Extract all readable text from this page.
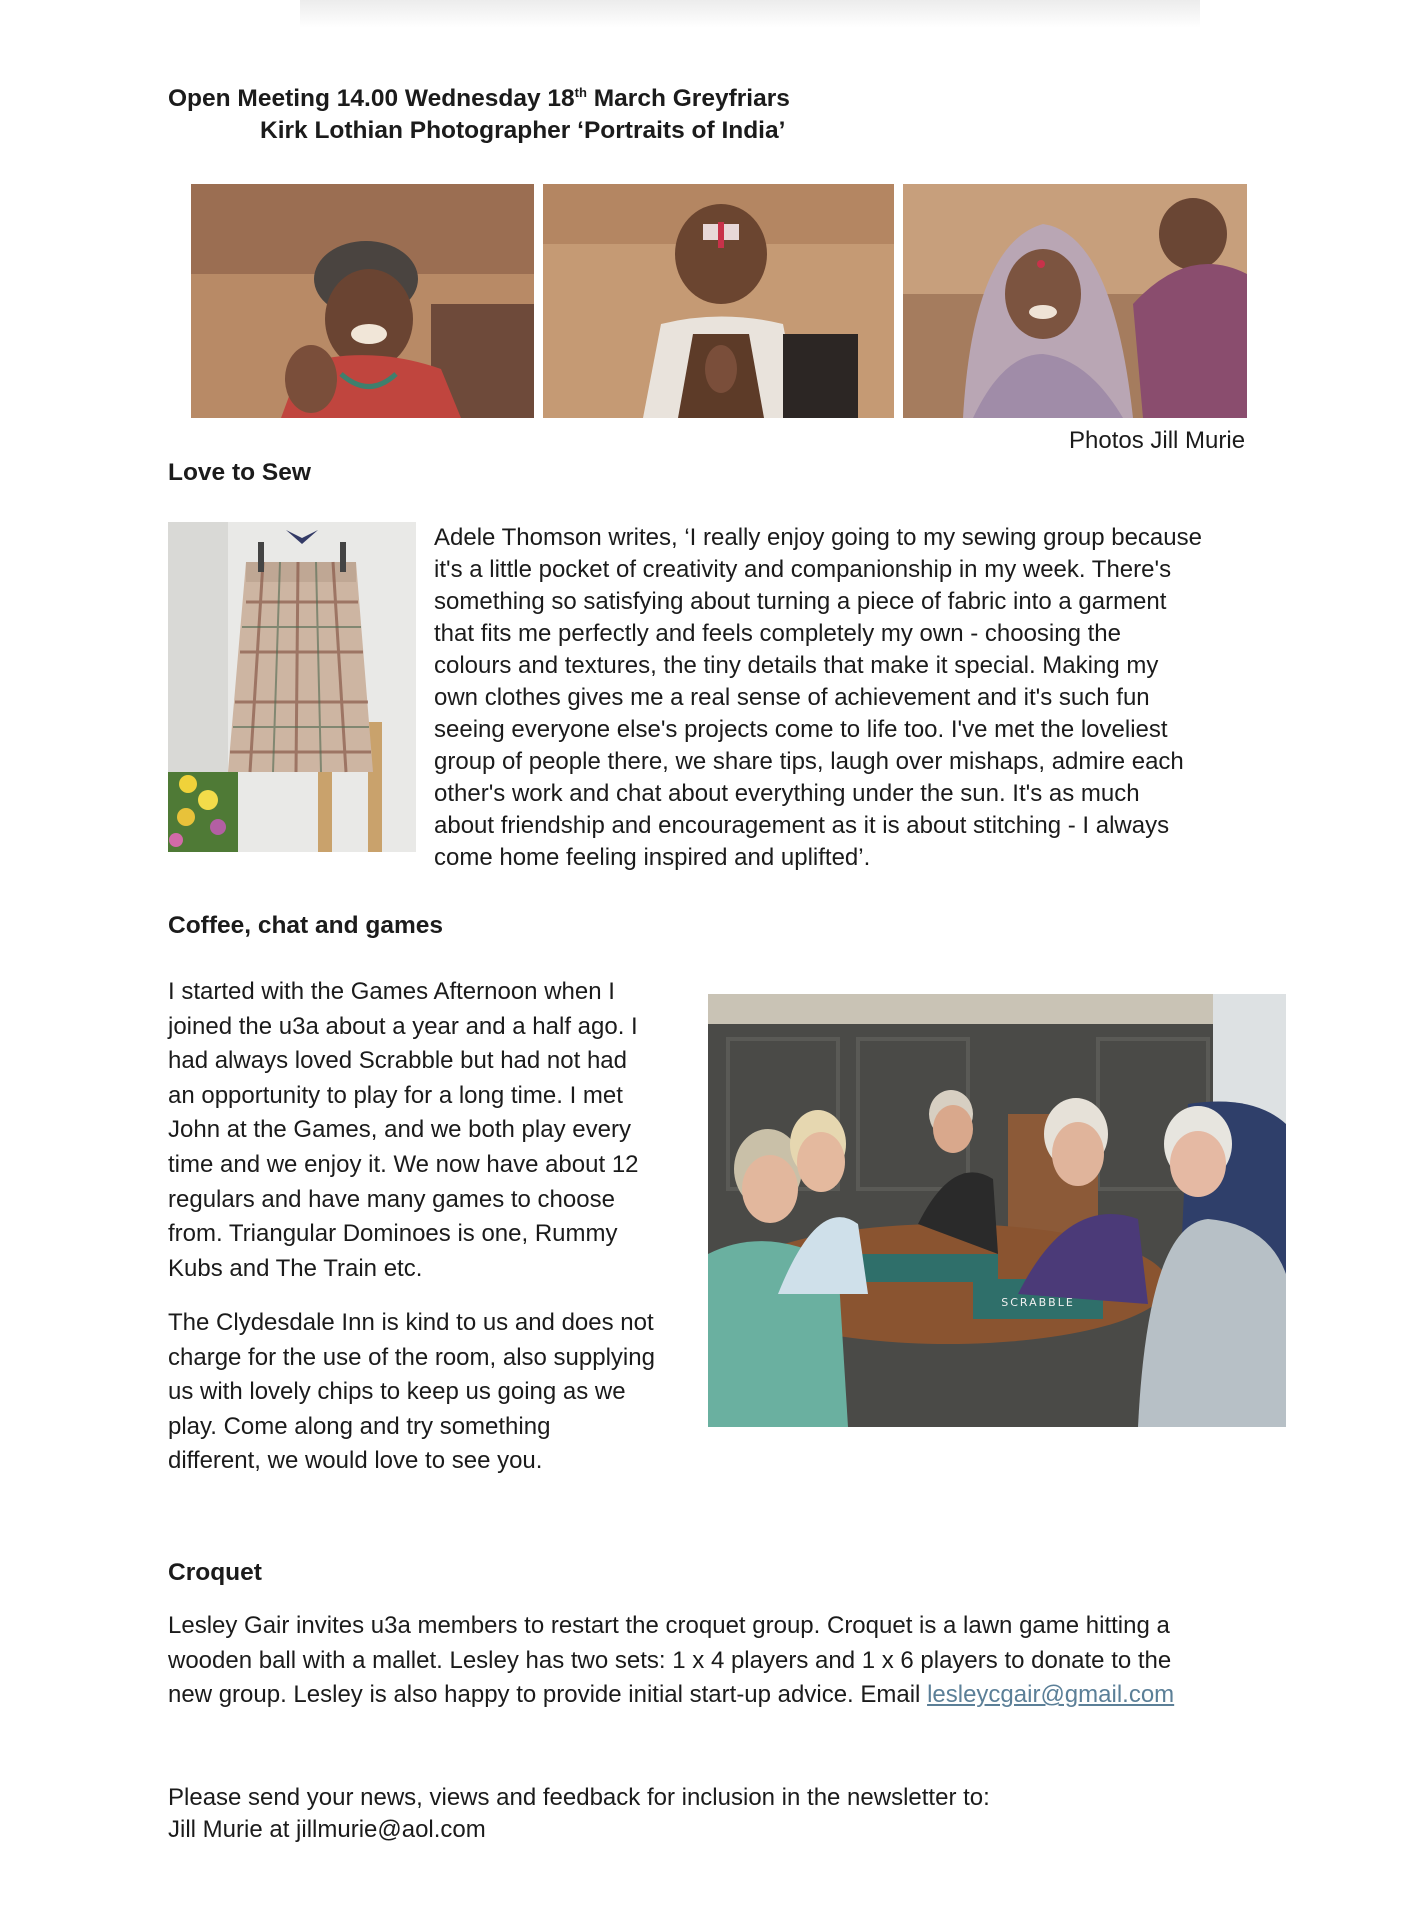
Open Meeting 14.00 Wednesday 18th March Greyfriars

Kirk Lothian Photographer ‘Portraits of India’

Photos Jill Murie

Love to Sew

Adele Thomson writes, ‘I really enjoy going to my sewing group because

it's a little pocket of creativity and companionship in my week. There's

something so satisfying about turning a piece of fabric into a garment

that fits me perfectly and feels completely my own - choosing the

colours and textures, the tiny details that make it special. Making my

own clothes gives me a real sense of achievement and it's such fun

seeing everyone else's projects come to life too. I've met the loveliest

group of people there, we share tips, laugh over mishaps, admire each

other's work and chat about everything under the sun. It's as much

about friendship and encouragement as it is about stitching - I always

come home feeling inspired and uplifted’.

Coffee, chat and games

I started with the Games Afternoon when I

joined the u3a about a year and a half ago. I

had always loved Scrabble but had not had

an opportunity to play for a long time. I met

John at the Games, and we both play every

time and we enjoy it. We now have about 12

regulars and have many games to choose

from. Triangular Dominoes is one, Rummy

Kubs and The Train etc.

The Clydesdale Inn is kind to us and does not

charge for the use of the room, also supplying

us with lovely chips to keep us going as we

play. Come along and try something

different, we would love to see you.

SCRABBLE

Croquet

Lesley Gair invites u3a members to restart the croquet group. Croquet is a lawn game hitting a

wooden ball with a mallet. Lesley has two sets: 1 x 4 players and 1 x 6 players to donate to the

new group. Lesley is also happy to provide initial start-up advice. Email lesleycgair@gmail.com

Please send your news, views and feedback for inclusion in the newsletter to:

Jill Murie at jillmurie@aol.com
